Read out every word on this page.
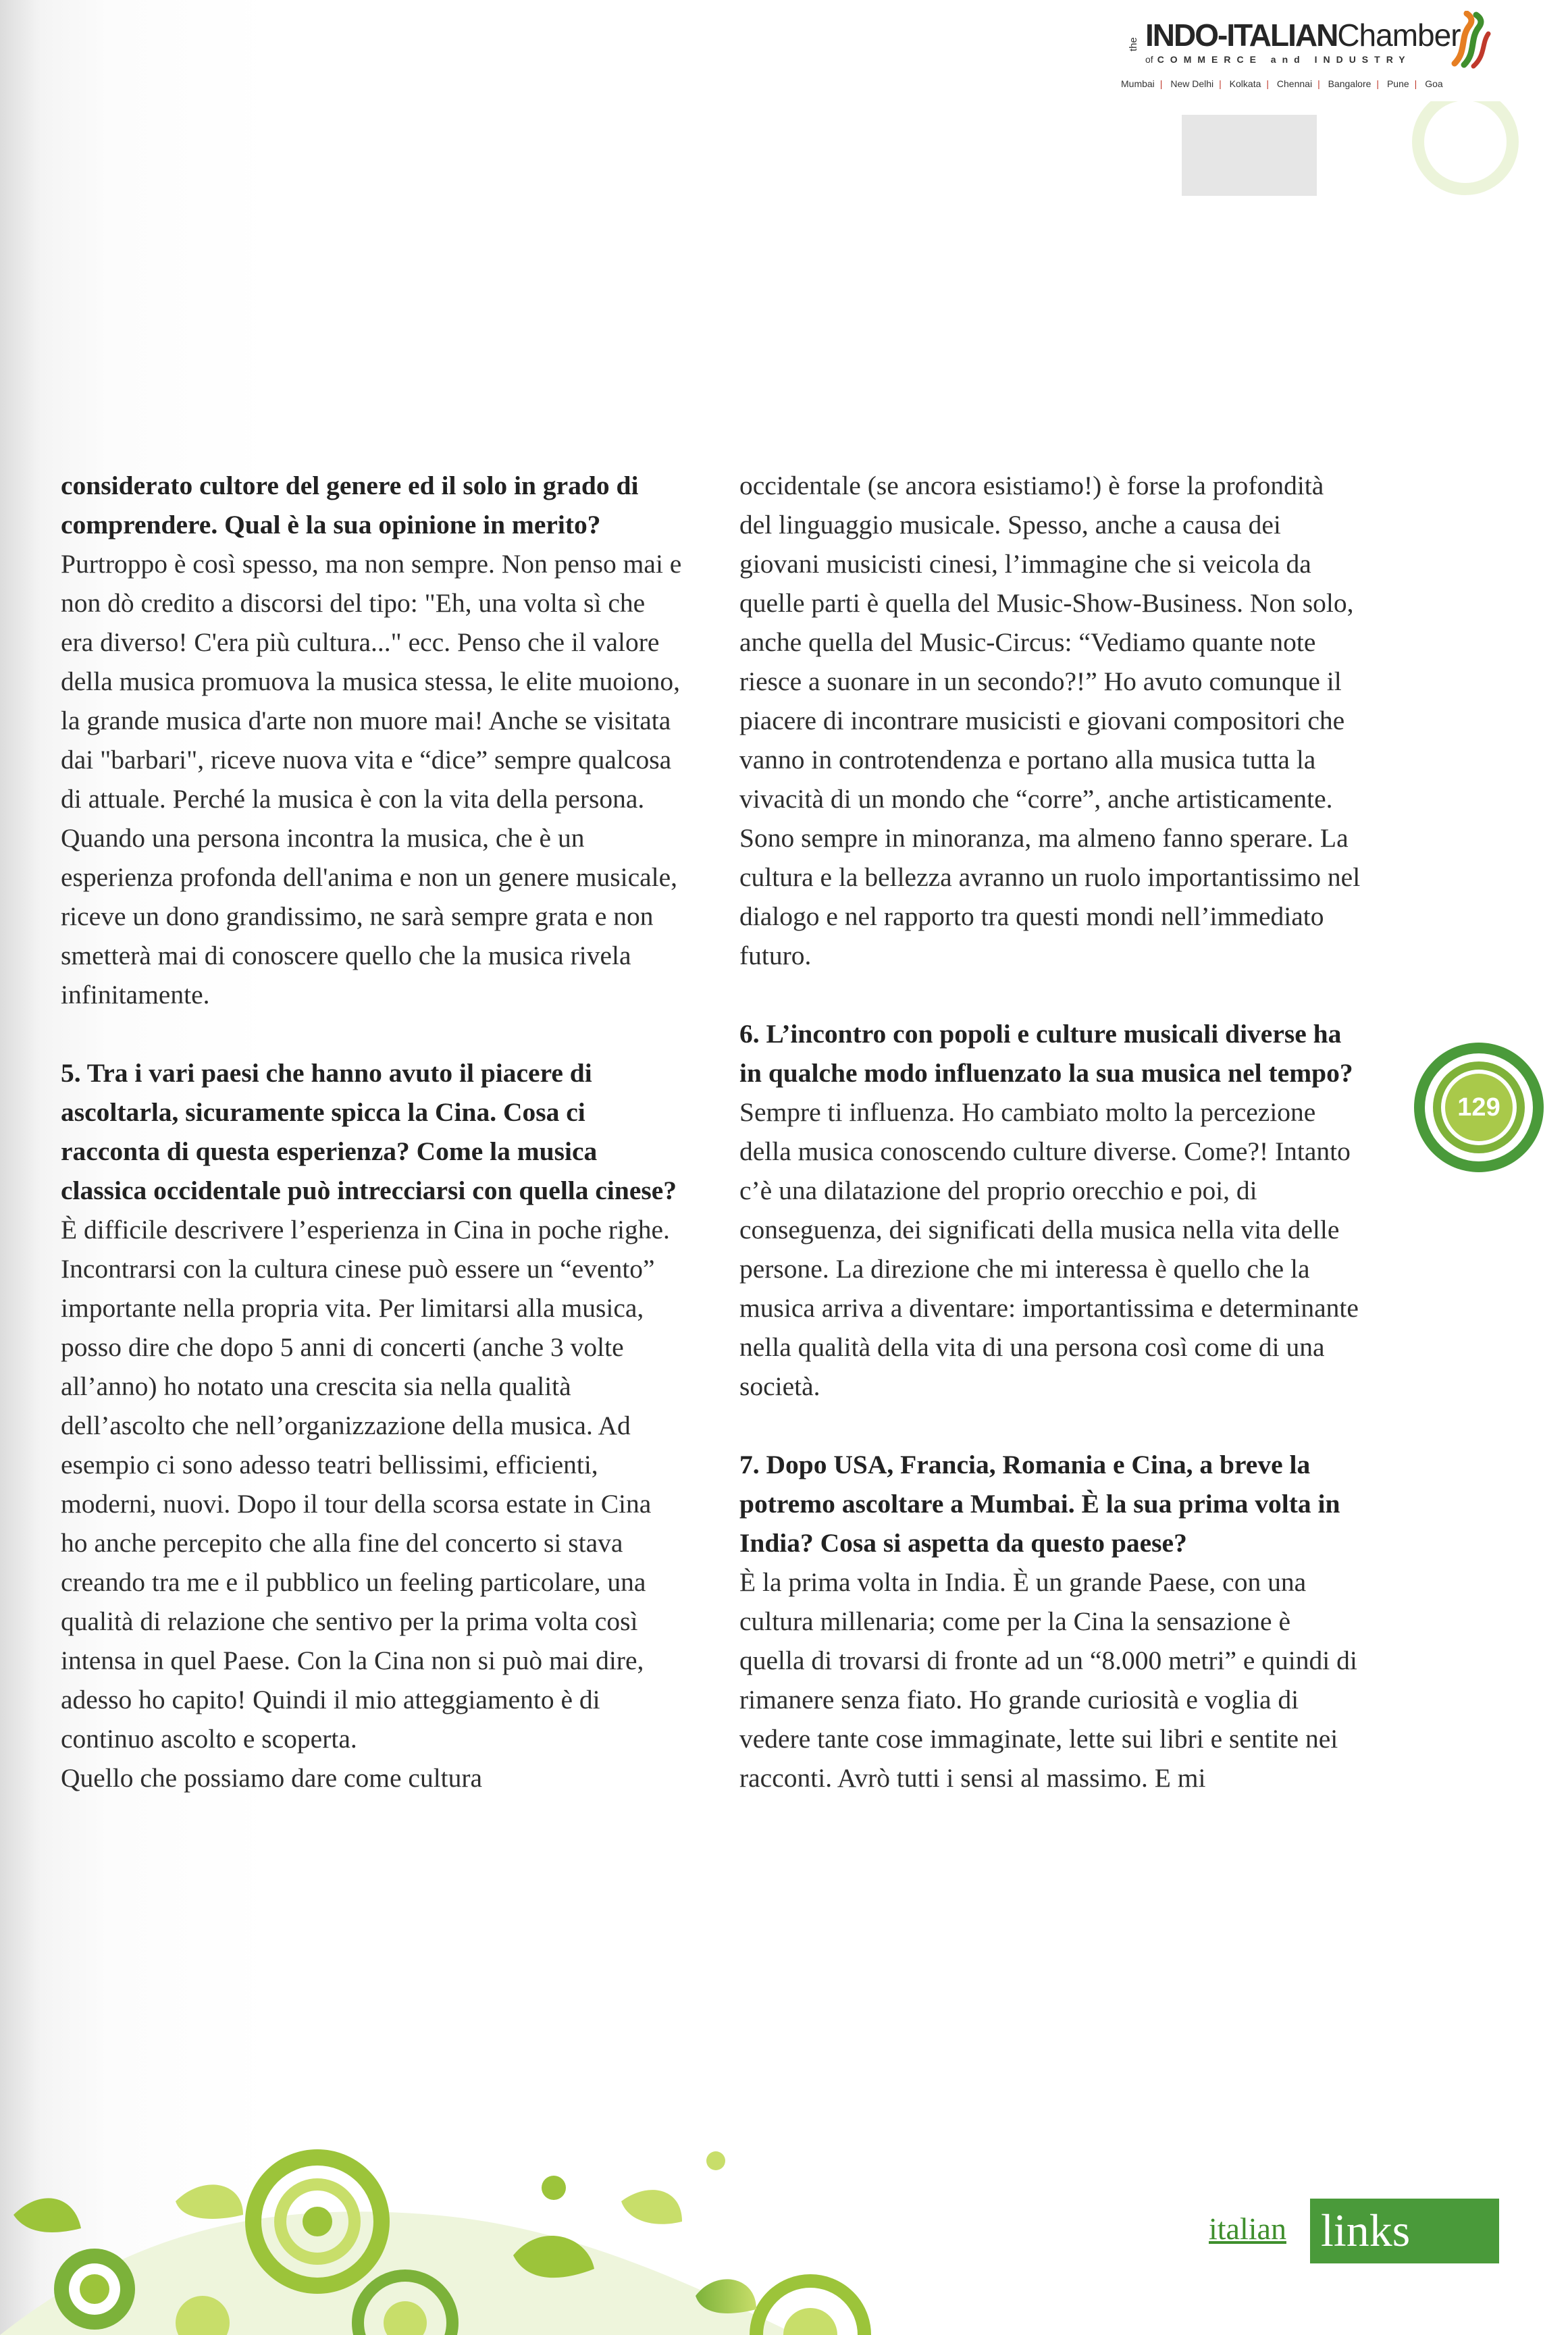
the INDO-ITALIANChamber
of COMMERCE and INDUSTRY
Mumbai | New Delhi | Kolkata | Chennai | Bangalore | Pune | Goa

considerato cultore del genere ed il solo in grado di comprendere. Qual è la sua opinione in merito?

Purtroppo è così spesso, ma non sempre. Non penso mai e non dò credito a discorsi del tipo: "Eh, una volta sì che era diverso! C'era più cultura..." ecc. Penso che il valore della musica promuova la musica stessa, le elite muoiono, la grande musica d'arte non muore mai! Anche se visitata dai "barbari", riceve nuova vita e “dice” sempre qualcosa di attuale. Perché la musica è con la vita della persona. Quando una persona incontra la musica, che è un esperienza profonda dell'anima e non un genere musicale, riceve un dono grandissimo, ne sarà sempre grata e non smetterà mai di conoscere quello che la musica rivela infinitamente.

5. Tra i vari paesi che hanno avuto il piacere di ascoltarla, sicuramente spicca la Cina. Cosa ci racconta di questa esperienza? Come la musica classica occidentale può intrecciarsi con quella cinese?

È difficile descrivere l’esperienza in Cina in poche righe. Incontrarsi con la cultura cinese può essere un “evento” importante nella propria vita. Per limitarsi alla musica, posso dire che dopo 5 anni di concerti (anche 3 volte all’anno) ho notato una crescita sia nella qualità dell’ascolto che nell’organizzazione della musica. Ad esempio ci sono adesso teatri bellissimi, efficienti, moderni, nuovi. Dopo il tour della scorsa estate in Cina ho anche percepito che alla fine del concerto si stava creando tra me e il pubblico un feeling particolare, una qualità di relazione che sentivo per la prima volta così intensa in quel Paese. Con la Cina non si può mai dire, adesso ho capito! Quindi il mio atteggiamento è di continuo ascolto e scoperta.

Quello che possiamo dare come cultura

occidentale (se ancora esistiamo!) è forse la profondità del linguaggio musicale. Spesso, anche a causa dei giovani musicisti cinesi, l’immagine che si veicola da quelle parti è quella del Music-Show-Business. Non solo, anche quella del Music-Circus: “Vediamo quante note riesce a suonare in un secondo?!” Ho avuto comunque il piacere di incontrare musicisti e giovani compositori che vanno in controtendenza e portano alla musica tutta la vivacità di un mondo che “corre”, anche artisticamente. Sono sempre in minoranza, ma almeno fanno sperare. La cultura e la bellezza avranno un ruolo importantissimo nel dialogo e nel rapporto tra questi mondi nell’immediato futuro.

6. L’incontro con popoli e culture musicali diverse ha in qualche modo influenzato la sua musica nel tempo?

Sempre ti influenza. Ho cambiato molto la percezione della musica conoscendo culture diverse. Come?! Intanto c’è una dilatazione del proprio orecchio e poi, di conseguenza, dei significati della musica nella vita delle persone. La direzione che mi interessa è quello che la musica arriva a diventare: importantissima e determinante nella qualità della vita di una persona così come di una società.

7. Dopo USA, Francia, Romania e Cina, a breve la potremo ascoltare a Mumbai. È la sua prima volta in India? Cosa si aspetta da questo paese?

È la prima volta in India. È un grande Paese, con una cultura millenaria; come per la Cina la sensazione è quella di trovarsi di fronte ad un “8.000 metri” e quindi di rimanere senza fiato. Ho grande curiosità e voglia di vedere tante cose immaginate, lette sui libri e sentite nei racconti. Avrò tutti i sensi al massimo. E mi

129
italian links
